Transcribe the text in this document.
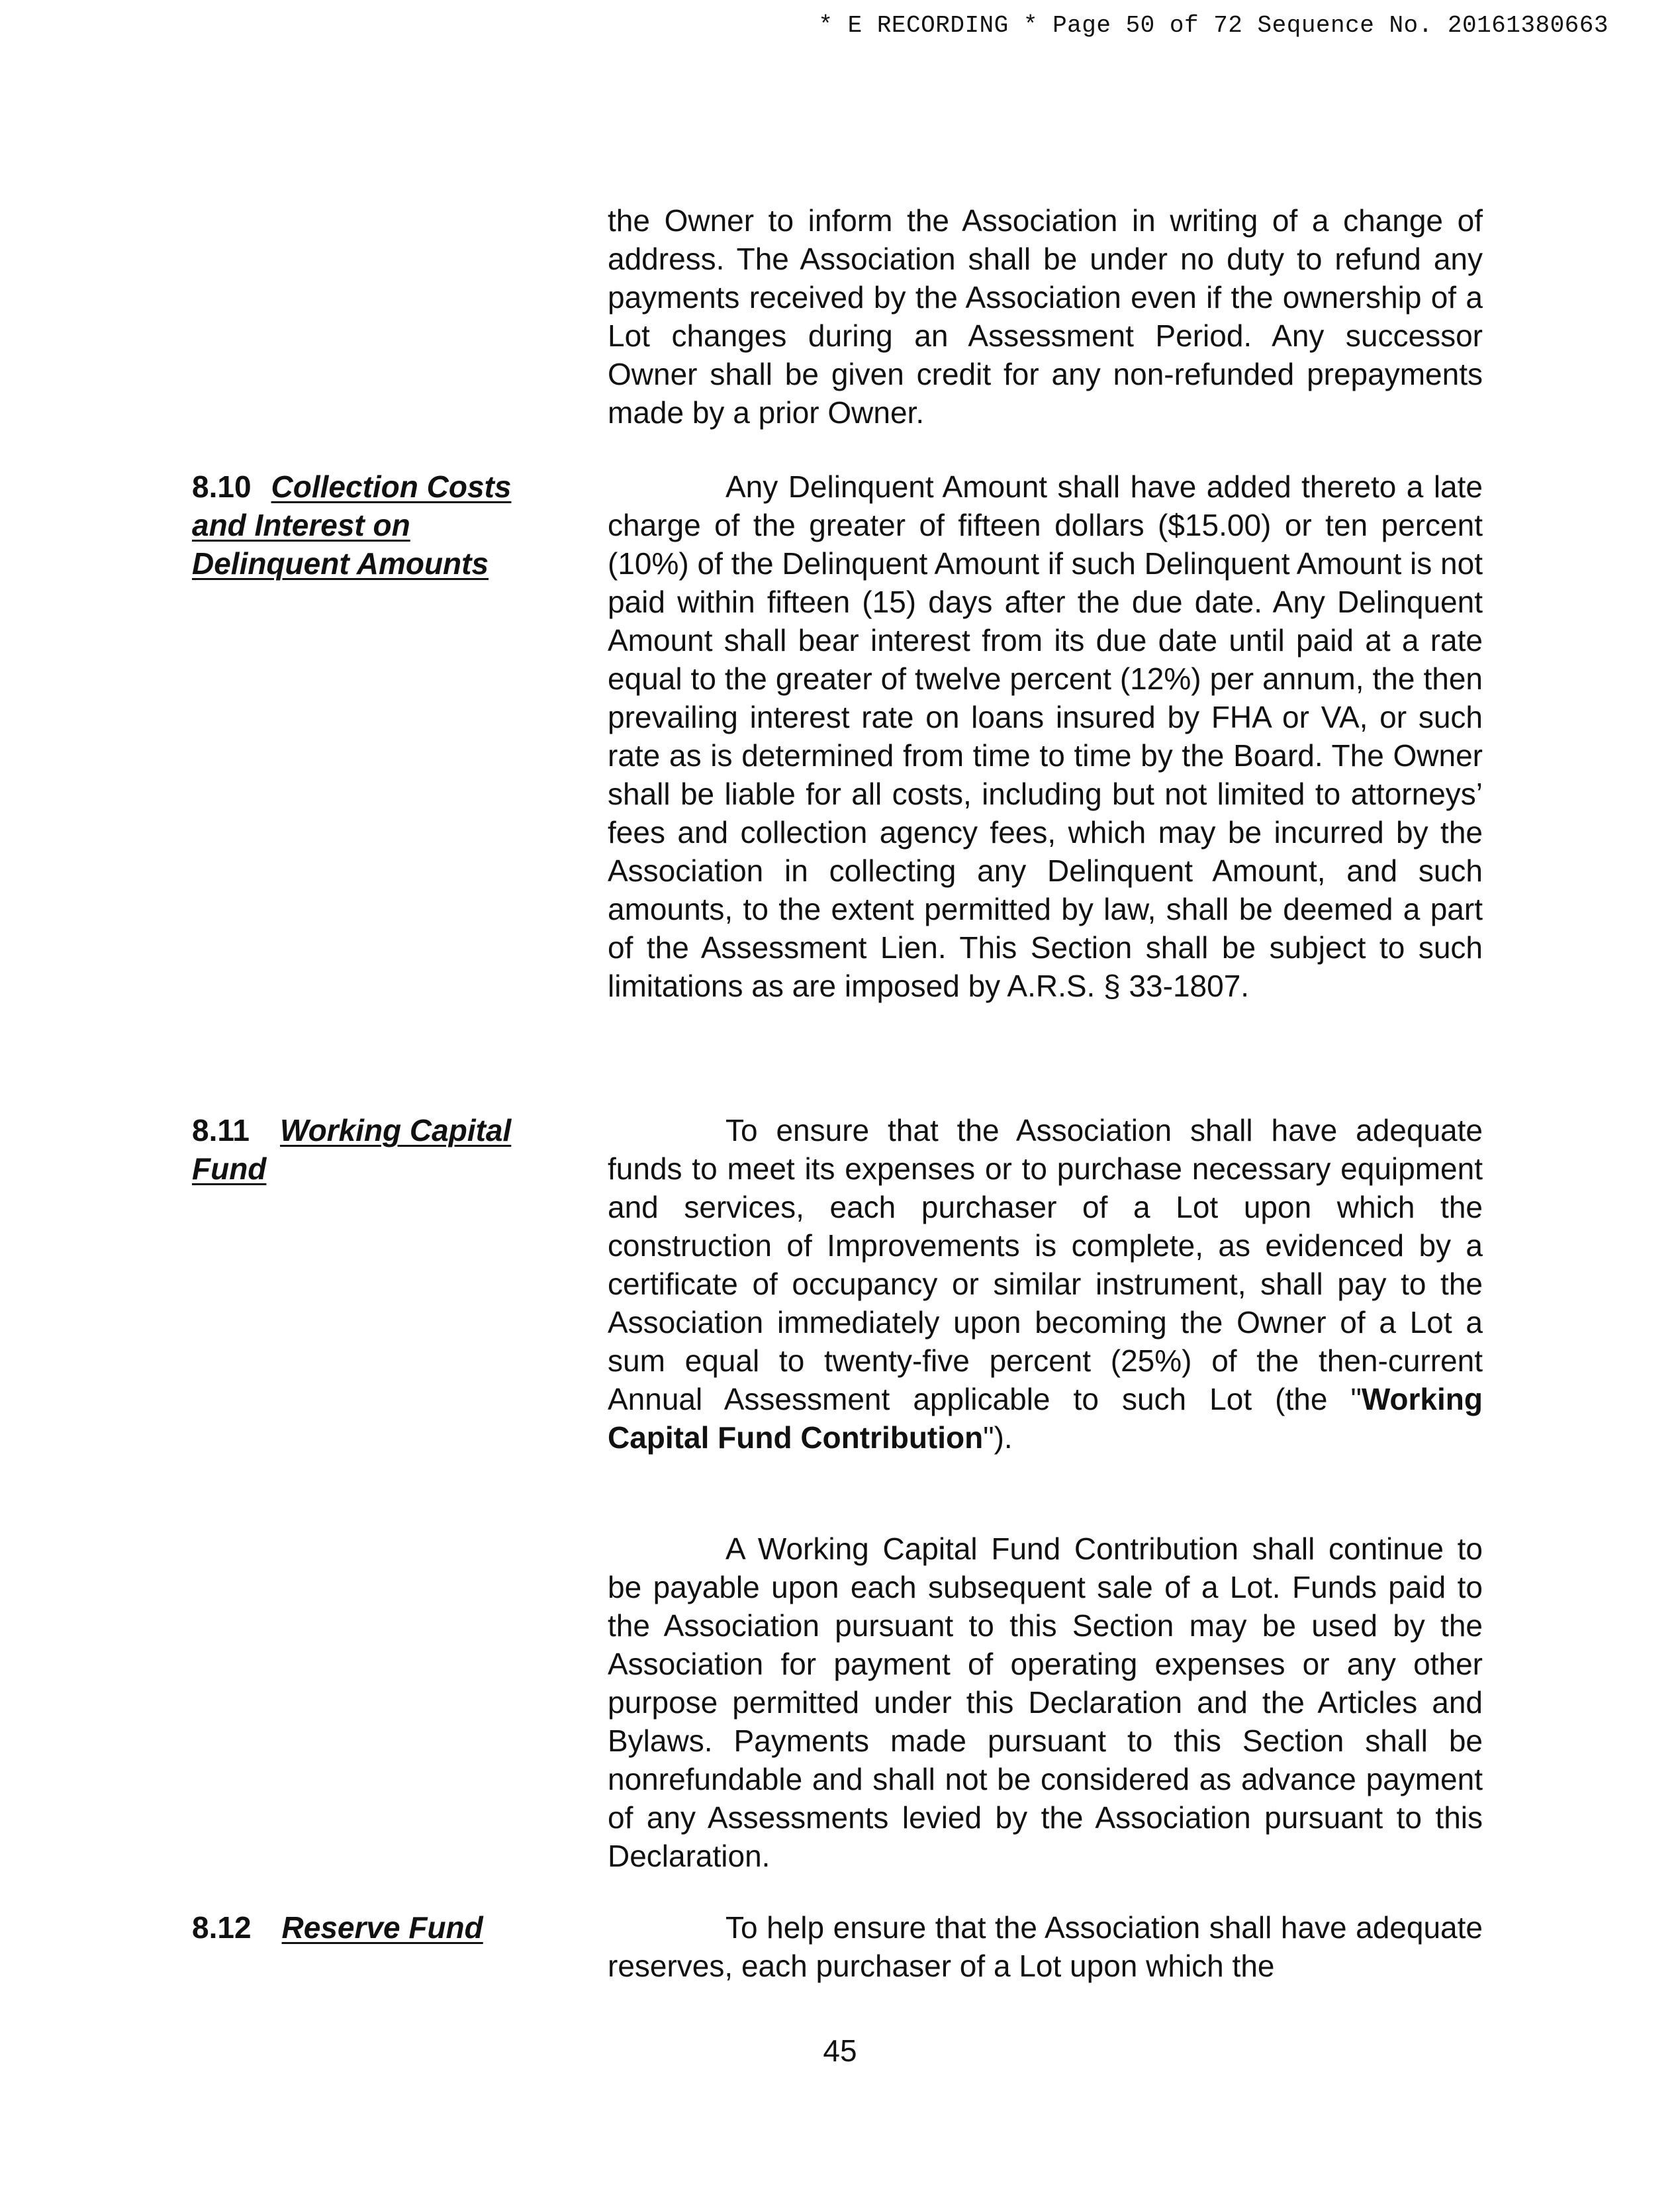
* E RECORDING * Page 50 of 72 Sequence No. 20161380663
the Owner to inform the Association in writing of a change of address. The Association shall be under no duty to refund any payments received by the Association even if the ownership of a Lot changes during an Assessment Period. Any successor Owner shall be given credit for any non-refunded prepayments made by a prior Owner.
8.10 Collection Costs and Interest on Delinquent Amounts
Any Delinquent Amount shall have added thereto a late charge of the greater of fifteen dollars ($15.00) or ten percent (10%) of the Delinquent Amount if such Delinquent Amount is not paid within fifteen (15) days after the due date. Any Delinquent Amount shall bear interest from its due date until paid at a rate equal to the greater of twelve percent (12%) per annum, the then prevailing interest rate on loans insured by FHA or VA, or such rate as is determined from time to time by the Board. The Owner shall be liable for all costs, including but not limited to attorneys’ fees and collection agency fees, which may be incurred by the Association in collecting any Delinquent Amount, and such amounts, to the extent permitted by law, shall be deemed a part of the Assessment Lien. This Section shall be subject to such limitations as are imposed by A.R.S. § 33-1807.
8.11 Working Capital Fund
To ensure that the Association shall have adequate funds to meet its expenses or to purchase necessary equipment and services, each purchaser of a Lot upon which the construction of Improvements is complete, as evidenced by a certificate of occupancy or similar instrument, shall pay to the Association immediately upon becoming the Owner of a Lot a sum equal to twenty-five percent (25%) of the then-current Annual Assessment applicable to such Lot (the "Working Capital Fund Contribution").
A Working Capital Fund Contribution shall continue to be payable upon each subsequent sale of a Lot. Funds paid to the Association pursuant to this Section may be used by the Association for payment of operating expenses or any other purpose permitted under this Declaration and the Articles and Bylaws. Payments made pursuant to this Section shall be nonrefundable and shall not be considered as advance payment of any Assessments levied by the Association pursuant to this Declaration.
8.12 Reserve Fund	To help ensure that the Association shall have adequate reserves, each purchaser of a Lot upon which the
45
